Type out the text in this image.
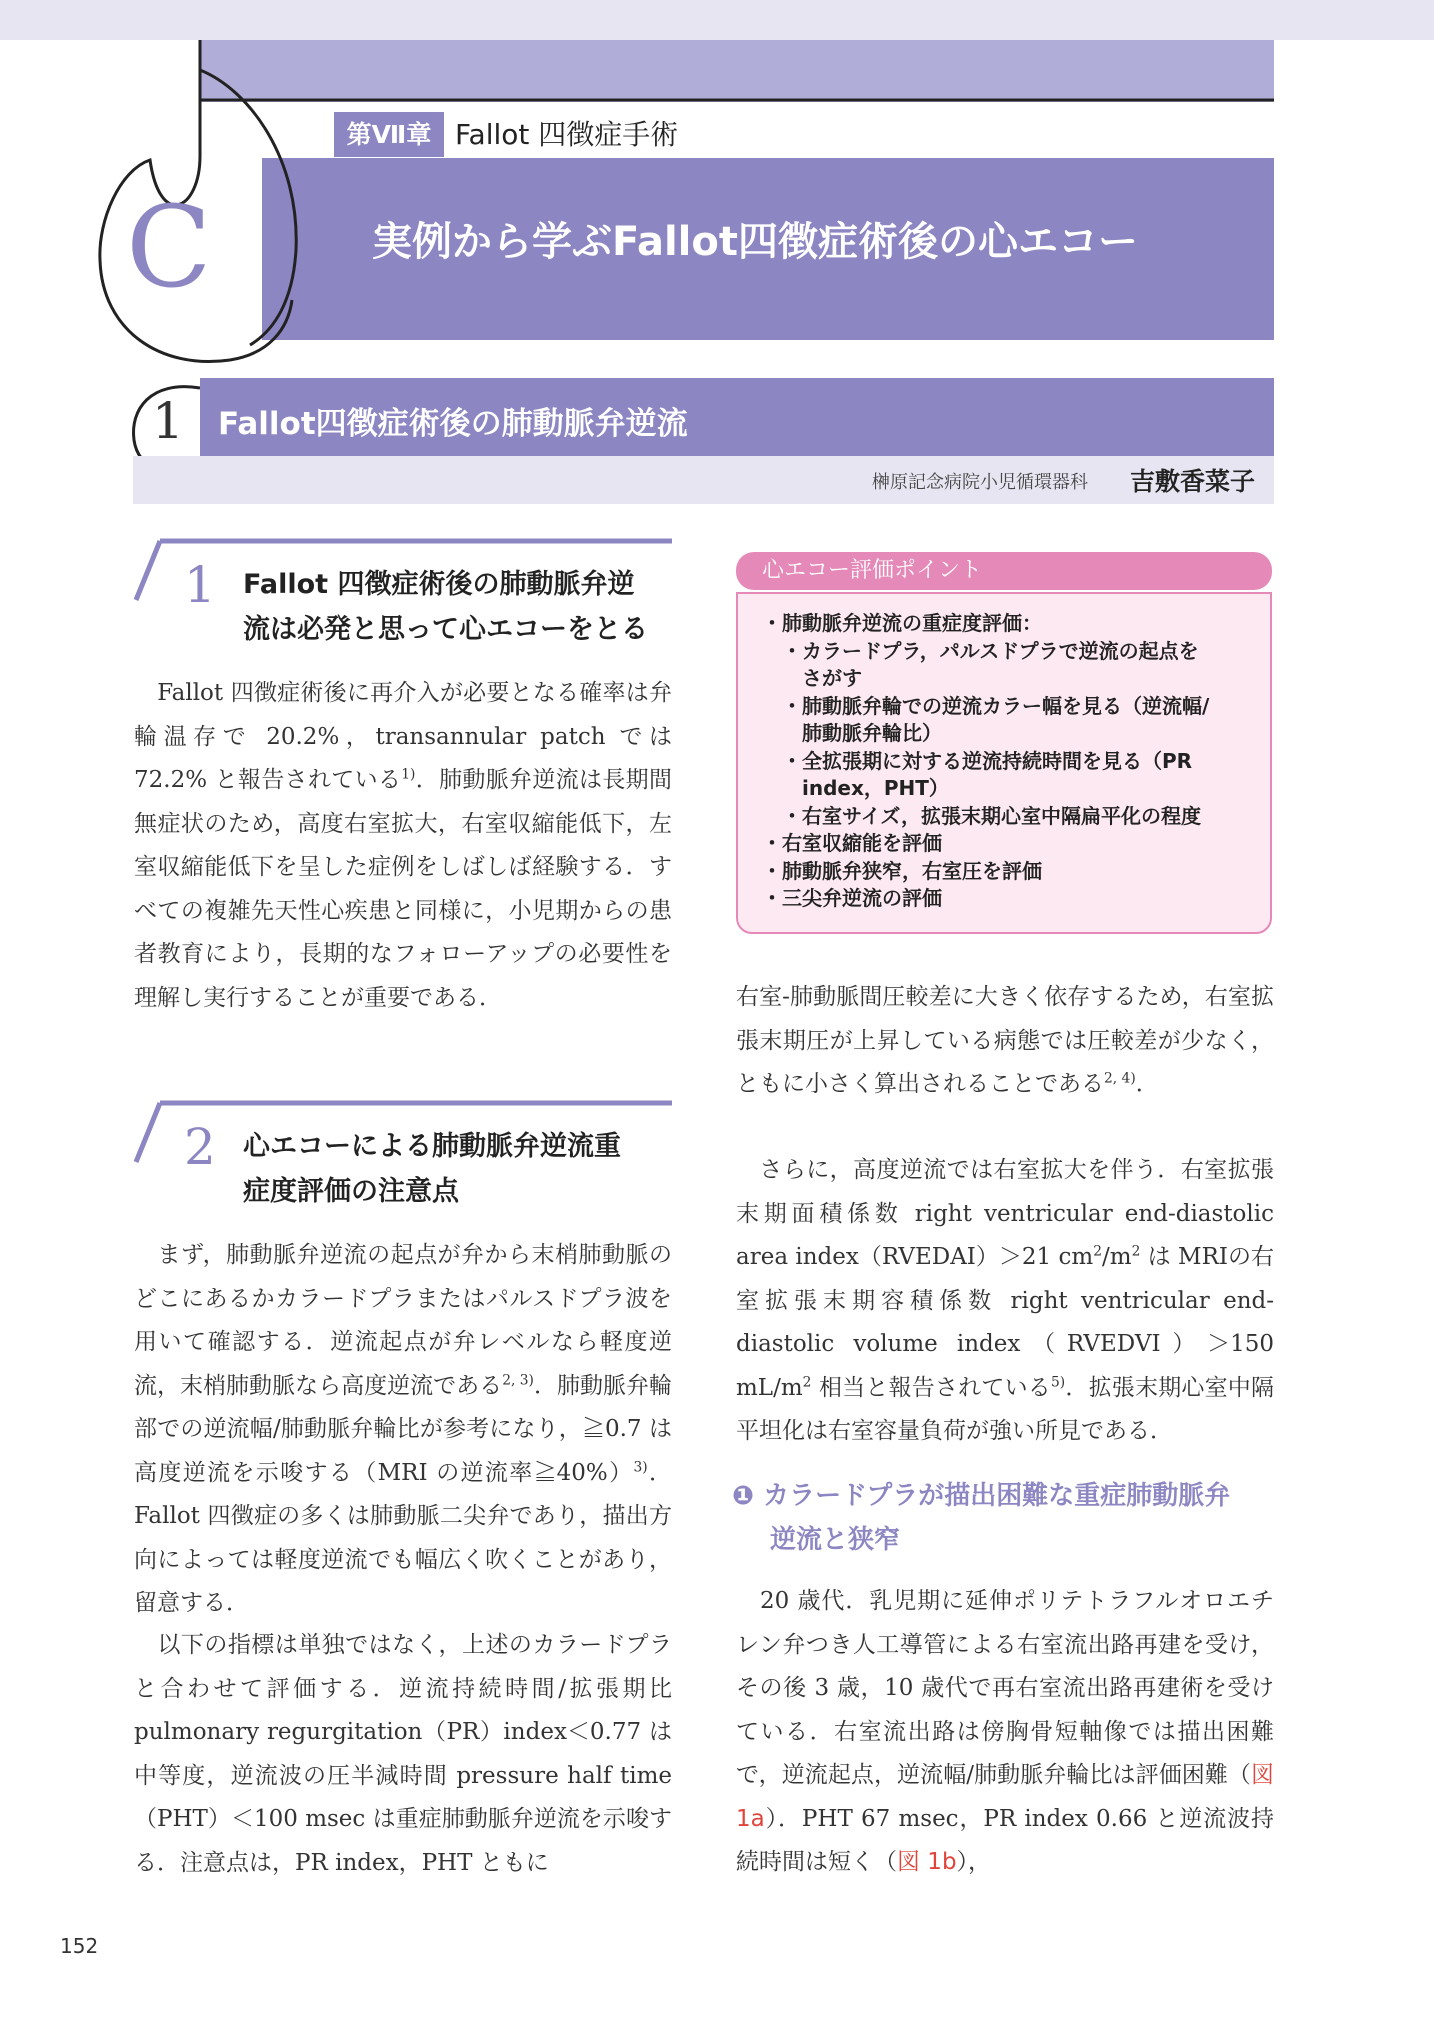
第Ⅶ章 Fallot 四徴症手術
C	実例から学ぶFallot四徴症術後の心エコー
1 Fallot四徴症術後の肺動脈弁逆流
榊原記念病院小児循環器科 吉敷香菜子
1 Fallot 四徴症術後の肺動脈弁逆
流は必発と思って心エコーをとる
　Fallot 四徴症術後に再介入が必要となる確率は弁輪温存で 20.2%，transannular patch では 72.2% と報告されている$^{1)}$．肺動脈弁逆流は長期間無症状のため，高度右室拡大，右室収縮能低下，左室収縮能低下を呈した症例をしばしば経験する．すべての複雑先天性心疾患と同様に，小児期からの患者教育により，長期的なフォローアップの必要性を理解し実行することが重要である．
2 心エコーによる肺動脈弁逆流重
症度評価の注意点
　まず，肺動脈弁逆流の起点が弁から末梢肺動脈のどこにあるかカラードプラまたはパルスドプラ波を用いて確認する．逆流起点が弁レベルなら軽度逆流，末梢肺動脈なら高度逆流である$^{2, 3)}$．肺動脈弁輪部での逆流幅/肺動脈弁輪比が参考になり，≧0.7 は高度逆流を示唆する（MRI の逆流率≧40%）$^{3)}$．Fallot 四徴症の多くは肺動脈二尖弁であり，描出方向によっては軽度逆流でも幅広く吹くことがあり，留意する．
　以下の指標は単独ではなく，上述のカラードプラと合わせて評価する．逆流持続時間/拡張期比 pulmonary regurgitation（PR）index＜0.77 は中等度，逆流波の圧半減時間 pressure half time（PHT）＜100 msec は重症肺動脈弁逆流を示唆する．注意点は，PR index，PHT ともに
心エコー評価ポイント
・肺動脈弁逆流の重症度評価：
　・カラードプラ，パルスドプラで逆流の起点を
　　さがす
　・肺動脈弁輪での逆流カラー幅を見る（逆流幅/
　　肺動脈弁輪比）
　・全拡張期に対する逆流持続時間を見る（PR
　　index，PHT）
　・右室サイズ，拡張末期心室中隔扁平化の程度
・右室収縮能を評価
・肺動脈弁狭窄，右室圧を評価
・三尖弁逆流の評価
右室-肺動脈間圧較差に大きく依存するため，右室拡張末期圧が上昇している病態では圧較差が少なく，ともに小さく算出されることである$^{2, 4)}$．
　さらに，高度逆流では右室拡大を伴う．右室拡張末期面積係数 right ventricular end-diastolic area index（RVEDAI）＞21 $cm^2/m^2$ は MRIの右室拡張末期容積係数 right ventricular end-diastolic volume index（RVEDVI）＞150 $mL/m^2$ 相当と報告されている$^{5)}$．拡張末期心室中隔平坦化は右室容量負荷が強い所見である．
❶ カラードプラが描出困難な重症肺動脈弁
逆流と狭窄
　20 歳代．乳児期に延伸ポリテトラフルオロエチレン弁つき人工導管による右室流出路再建を受け，その後 3 歳，10 歳代で再右室流出路再建術を受けている．右室流出路は傍胸骨短軸像では描出困難で，逆流起点，逆流幅/肺動脈弁輪比は評価困難（図 1a）．PHT 67 msec，PR index 0.66 と逆流波持続時間は短く（図 1b），
152
